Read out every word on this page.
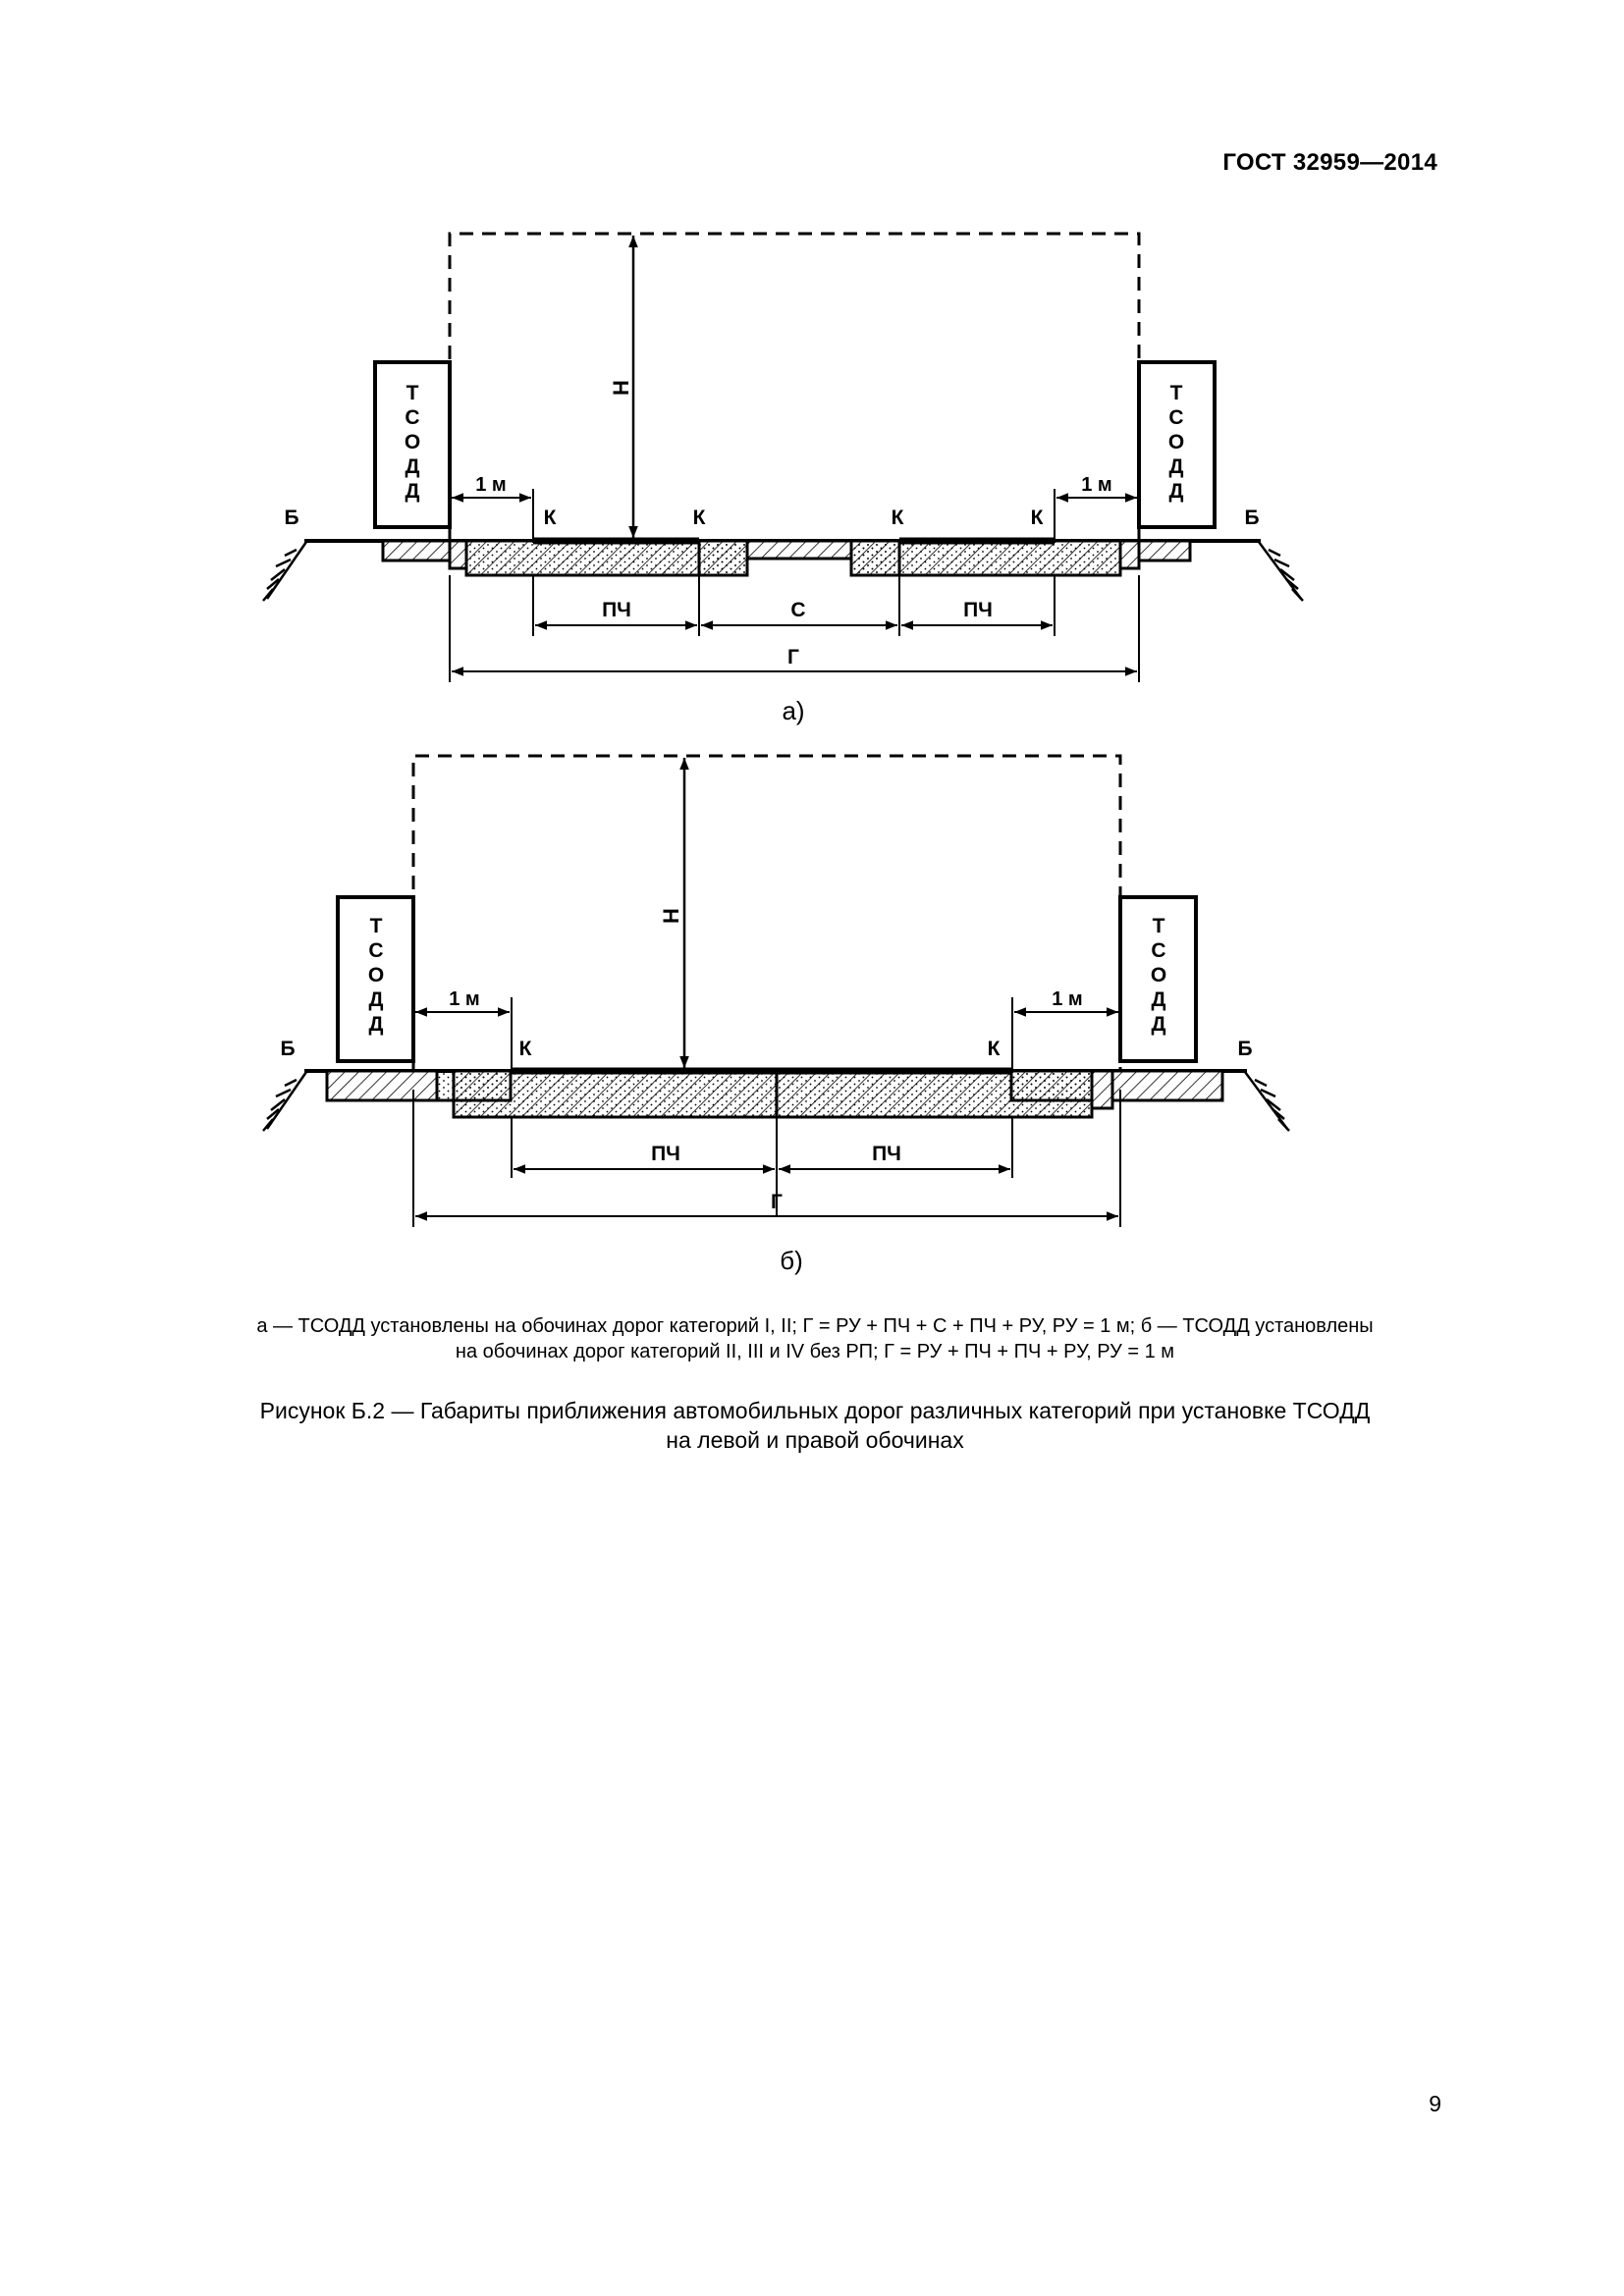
ГОСТ 32959—2014
Т
С
О
Д
Д
Т
С
О
Д
Д
Н
1 м	1 м
К	К	К	К
Б	Б
ПЧ	С	ПЧ
Г
а)
Т
С
О
Д
Д
Т
С
О
Д
Д
Н
1 м	1 м
К	К
Б	Б
ПЧ	ПЧ
Г
б)
а — ТСОДД установлены на обочинах дорог категорий I, II; Г = РУ + ПЧ + С + ПЧ + РУ, РУ = 1 м; б — ТСОДД установлены
на обочинах дорог категорий II, III и IV без РП; Г = РУ + ПЧ + ПЧ + РУ, РУ = 1 м
Рисунок Б.2 — Габариты приближения автомобильных дорог различных категорий при установке ТСОДД
на левой и правой обочинах
9
